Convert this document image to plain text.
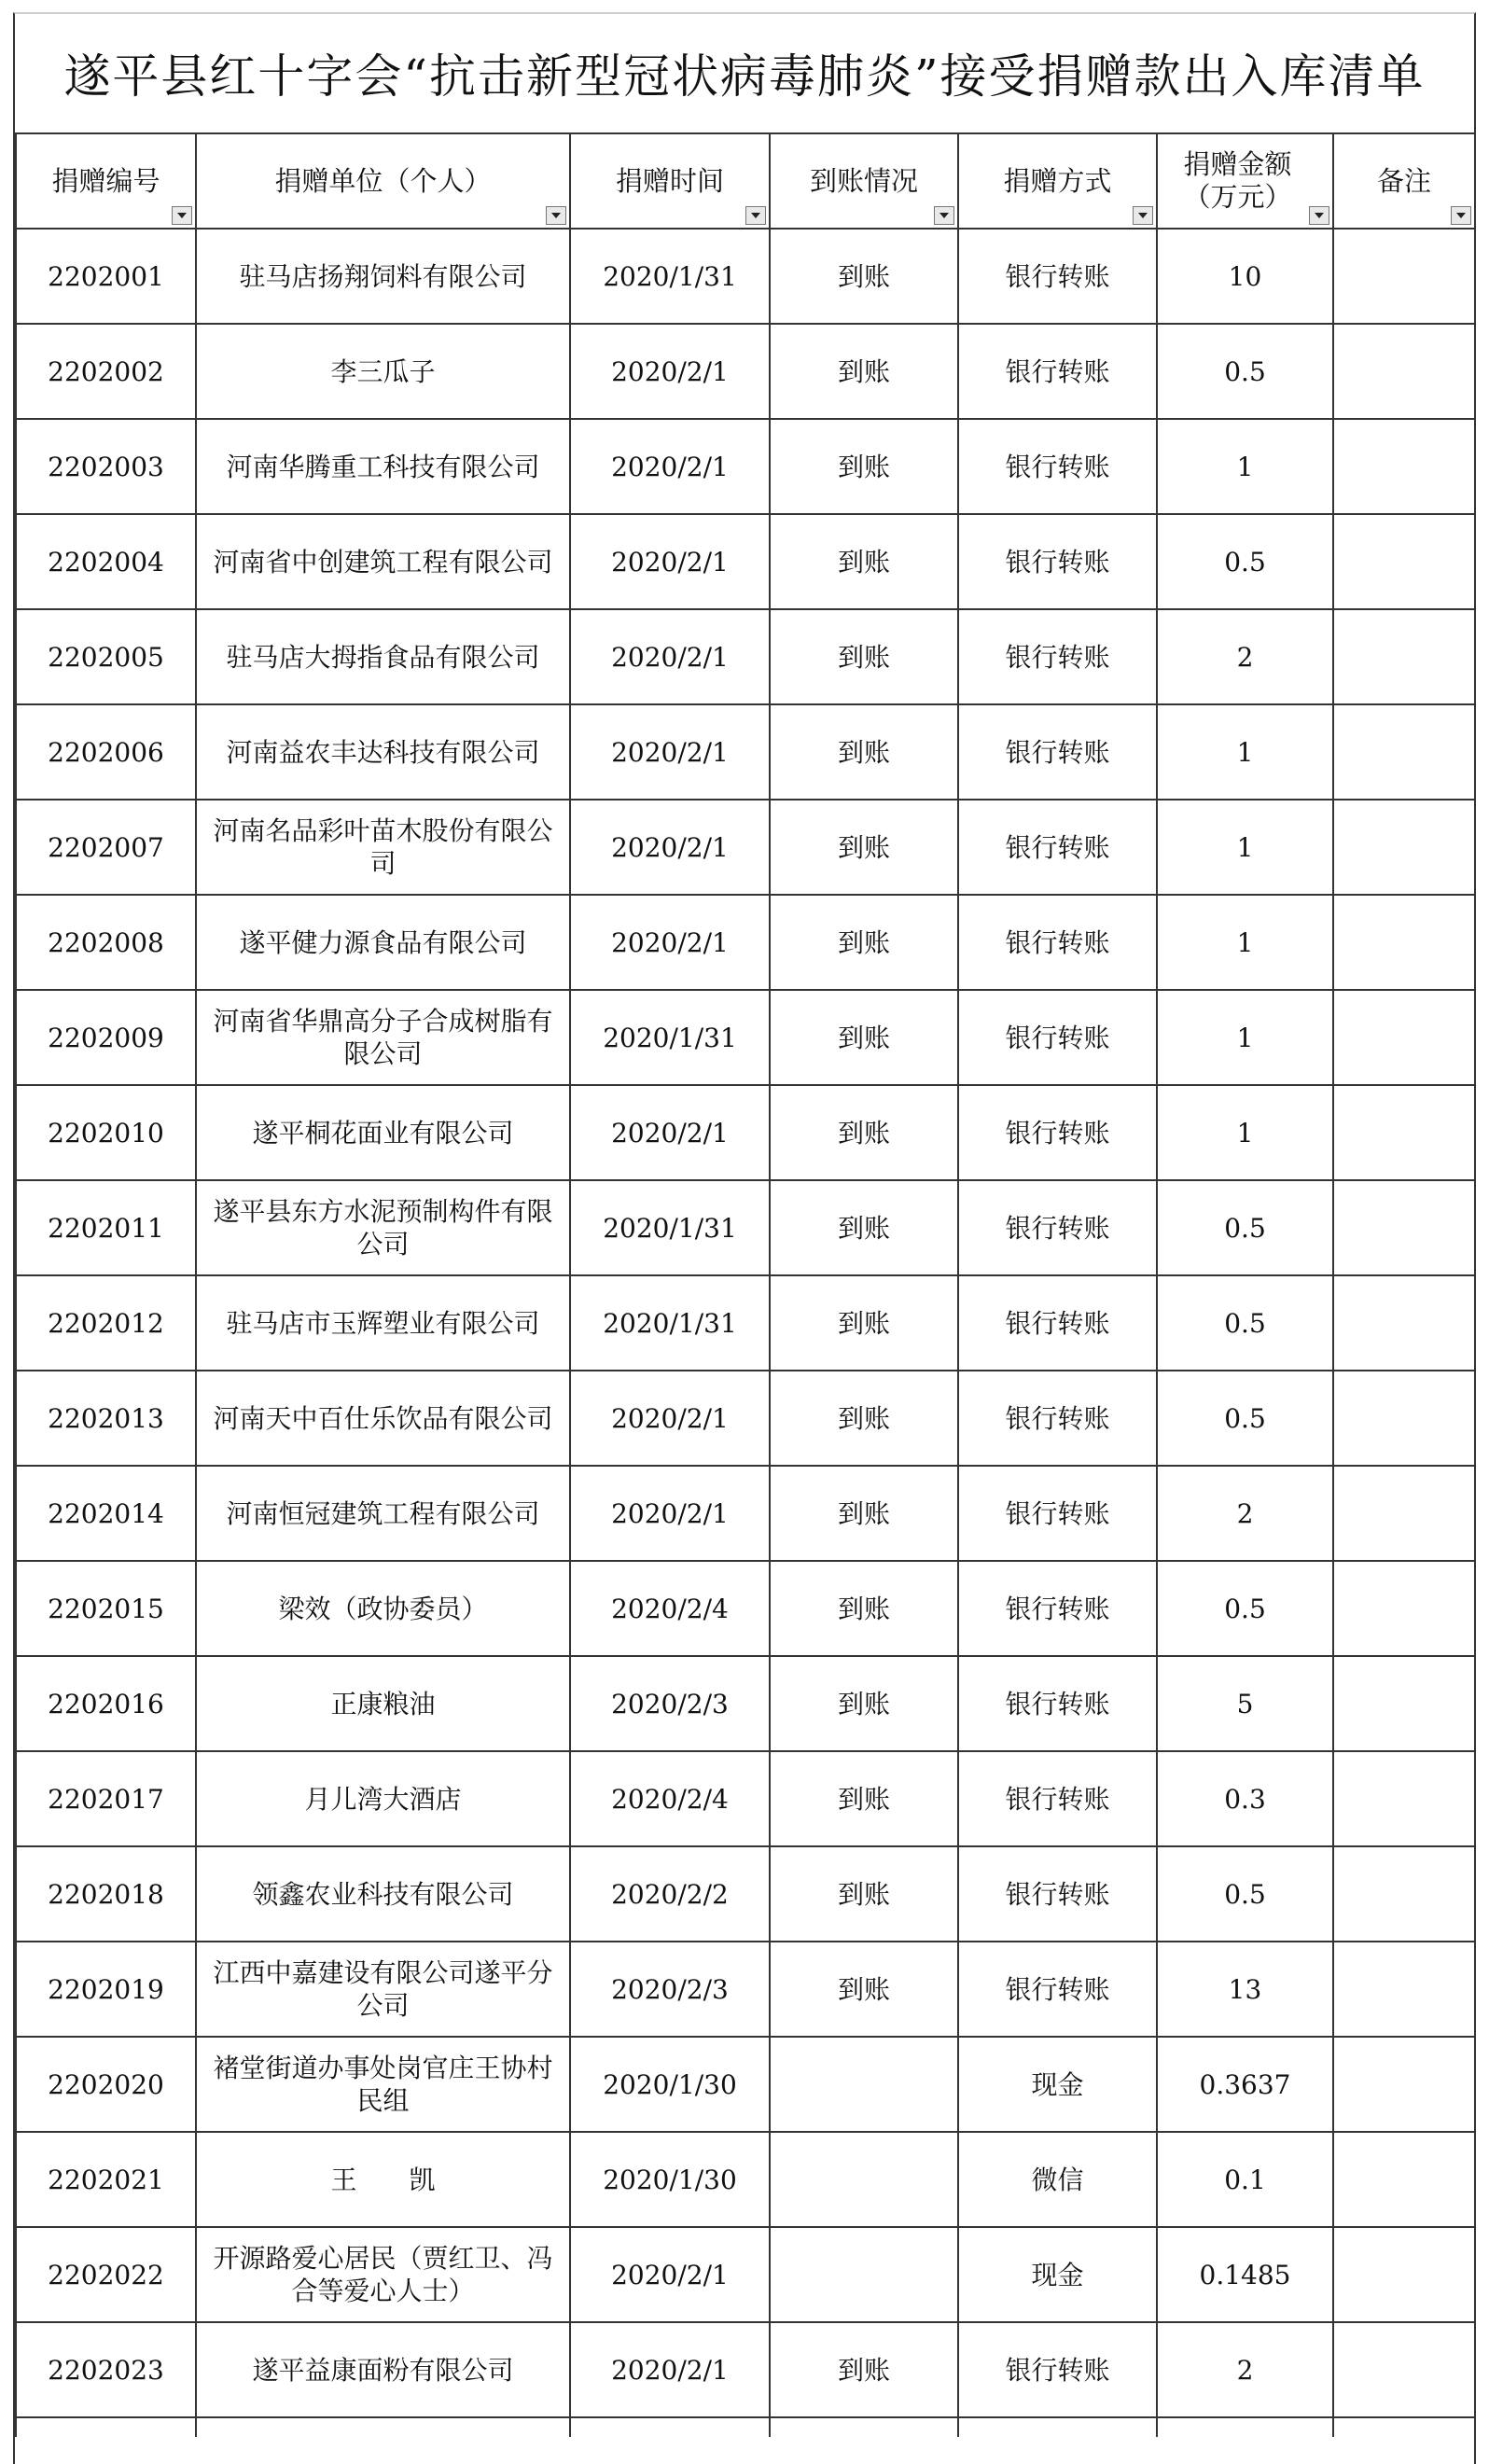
遂平县红十字会“抗击新型冠状病毒肺炎”接受捐赠款出入库清单
捐赠编号	捐赠单位（个人）	捐赠时间	到账情况	捐赠方式	捐赠金额（万元）	备注

2202001	驻马店扬翔饲料有限公司	2020/1/31	到账	银行转账	10	
2202002	李三瓜子	2020/2/1	到账	银行转账	0.5	
2202003	河南华腾重工科技有限公司	2020/2/1	到账	银行转账	1	
2202004	河南省中创建筑工程有限公司	2020/2/1	到账	银行转账	0.5	
2202005	驻马店大拇指食品有限公司	2020/2/1	到账	银行转账	2	
2202006	河南益农丰达科技有限公司	2020/2/1	到账	银行转账	1	
2202007	河南名品彩叶苗木股份有限公司	2020/2/1	到账	银行转账	1	
2202008	遂平健力源食品有限公司	2020/2/1	到账	银行转账	1	
2202009	河南省华鼎高分子合成树脂有限公司	2020/1/31	到账	银行转账	1	
2202010	遂平桐花面业有限公司	2020/2/1	到账	银行转账	1	
2202011	遂平县东方水泥预制构件有限公司	2020/1/31	到账	银行转账	0.5	
2202012	驻马店市玉辉塑业有限公司	2020/1/31	到账	银行转账	0.5	
2202013	河南天中百仕乐饮品有限公司	2020/2/1	到账	银行转账	0.5	
2202014	河南恒冠建筑工程有限公司	2020/2/1	到账	银行转账	2	
2202015	梁效（政协委员）	2020/2/4	到账	银行转账	0.5	
2202016	正康粮油	2020/2/3	到账	银行转账	5	
2202017	月儿湾大酒店	2020/2/4	到账	银行转账	0.3	
2202018	领鑫农业科技有限公司	2020/2/2	到账	银行转账	0.5	
2202019	江西中嘉建设有限公司遂平分公司	2020/2/3	到账	银行转账	13	
2202020	褚堂街道办事处岗官庄王协村民组	2020/1/30		现金	0.3637	
2202021	王　　凯	2020/1/30		微信	0.1	
2202022	开源路爱心居民（贾红卫、冯合等爱心人士）	2020/2/1		现金	0.1485	
2202023	遂平益康面粉有限公司	2020/2/1	到账	银行转账	2	
